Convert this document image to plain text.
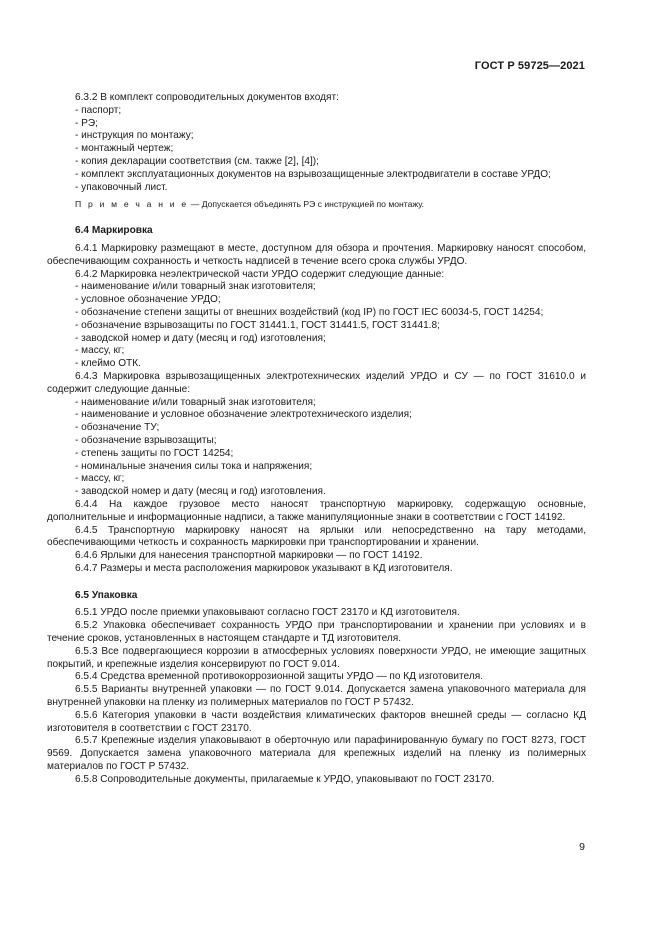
ГОСТ Р 59725—2021

6.3.2 В комплект сопроводительных документов входят:

- паспорт;

- РЭ;

- инструкция по монтажу;

- монтажный чертеж;

- копия декларации соответствия (см. также [2], [4]);

- комплект эксплуатационных документов на взрывозащищенные электродвигатели в составе УРДО;

- упаковочный лист.

П р и м е ч а н и е — Допускается объединять РЭ с инструкцией по монтажу.

6.4 Маркировка

6.4.1 Маркировку размещают в месте, доступном для обзора и прочтения. Маркировку наносят способом, обеспечивающим сохранность и четкость надписей в течение всего срока службы УРДО.

6.4.2 Маркировка неэлектрической части УРДО содержит следующие данные:

- наименование и/или товарный знак изготовителя;

- условное обозначение УРДО;

- обозначение степени защиты от внешних воздействий (код IP) по ГОСТ IEC 60034-5, ГОСТ 14254;

- обозначение взрывозащиты по ГОСТ 31441.1, ГОСТ 31441.5, ГОСТ 31441.8;

- заводской номер и дату (месяц и год) изготовления;

- массу, кг;

- клеймо ОТК.

6.4.3 Маркировка взрывозащищенных электротехнических изделий УРДО и СУ — по ГОСТ 31610.0 и содержит следующие данные:

- наименование и/или товарный знак изготовителя;

- наименование и условное обозначение электротехнического изделия;

- обозначение ТУ;

- обозначение взрывозащиты;

- степень защиты по ГОСТ 14254;

- номинальные значения силы тока и напряжения;

- массу, кг;

- заводской номер и дату (месяц и год) изготовления.

6.4.4 На каждое грузовое место наносят транспортную маркировку, содержащую основные, дополнительные и информационные надписи, а также манипуляционные знаки в соответствии с ГОСТ 14192.

6.4.5 Транспортную маркировку наносят на ярлыки или непосредственно на тару методами, обеспечивающими четкость и сохранность маркировки при транспортировании и хранении.

6.4.6 Ярлыки для нанесения транспортной маркировки — по ГОСТ 14192.

6.4.7 Размеры и места расположения маркировок указывают в КД изготовителя.

6.5 Упаковка

6.5.1 УРДО после приемки упаковывают согласно ГОСТ 23170 и КД изготовителя.

6.5.2 Упаковка обеспечивает сохранность УРДО при транспортировании и хранении при условиях и в течение сроков, установленных в настоящем стандарте и ТД изготовителя.

6.5.3 Все подвергающиеся коррозии в атмосферных условиях поверхности УРДО, не имеющие защитных покрытий, и крепежные изделия консервируют по ГОСТ 9.014.

6.5.4 Средства временной противокоррозионной защиты УРДО — по КД изготовителя.

6.5.5 Варианты внутренней упаковки — по ГОСТ 9.014. Допускается замена упаковочного материала для внутренней упаковки на пленку из полимерных материалов по ГОСТ Р 57432.

6.5.6 Категория упаковки в части воздействия климатических факторов внешней среды — согласно КД изготовителя в соответствии с ГОСТ 23170.

6.5.7 Крепежные изделия упаковывают в оберточную или парафинированную бумагу по ГОСТ 8273, ГОСТ 9569. Допускается замена упаковочного материала для крепежных изделий на пленку из полимерных материалов по ГОСТ Р 57432.

6.5.8 Сопроводительные документы, прилагаемые к УРДО, упаковывают по ГОСТ 23170.

9
